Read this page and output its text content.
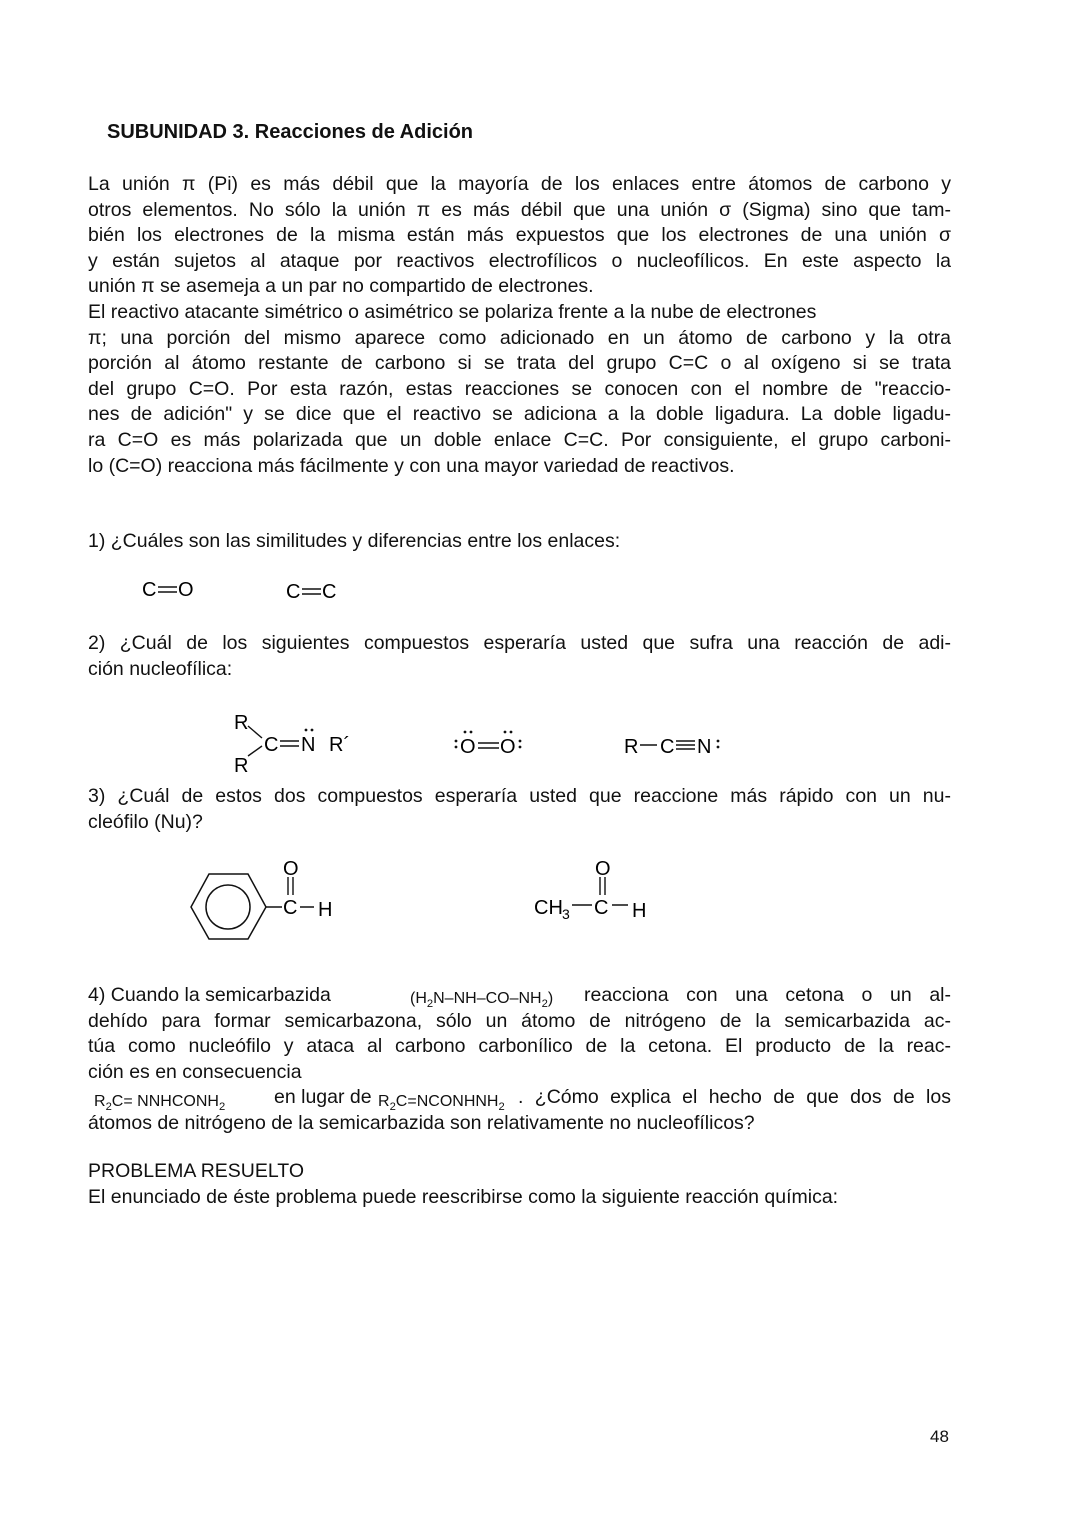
SUBUNIDAD 3. Reacciones de Adición
La unión π (Pi) es más débil que la mayoría de los enlaces entre átomos de carbono y
otros elementos. No sólo la unión π es más débil que una unión σ (Sigma) sino que tam-
bién los electrones de la misma están más expuestos que los electrones de una unión σ
y están sujetos al ataque por reactivos electrofílicos o nucleofílicos. En este aspecto la
unión π se asemeja a un par no compartido de electrones.
El reactivo atacante simétrico o asimétrico se polariza frente a la nube de electrones
π; una porción del mismo aparece como adicionado en un átomo de carbono y la otra
porción al átomo restante de carbono si se trata del grupo C=C o al oxígeno si se trata
del grupo C=O. Por esta razón, estas reacciones se conocen con el nombre de "reaccio-
nes de adición" y se dice que el reactivo se adiciona a la doble ligadura. La doble ligadu-
ra C=O es más polarizada que un doble enlace C=C. Por consiguiente, el grupo carboni-
lo (C=O) reacciona más fácilmente y con una mayor variedad de reactivos.
1) ¿Cuáles son las similitudes y diferencias entre los enlaces:
C O	C C
2) ¿Cuál de los siguientes compuestos esperaría usted que sufra una reacción de adi-
ción nucleofílica:
R
R
C N R´	O O	R C N
3) ¿Cuál de estos dos compuestos esperaría usted que reaccione más rápido con un nu-
cleófilo (Nu)?
C
O
H	CH 3 C
O
H
4) Cuando la semicarbazida	$(H_2N-NH-CO-NH_2)$ reacciona con una cetona o un al-
dehído para formar semicarbazona, sólo un átomo de nitrógeno de la semicarbazida ac-
túa como nucleófilo y ataca al carbono carbonílico de la cetona. El producto de la reac-
ción es en consecuencia
$R_2C=$ $NNHCONH_2$	en lugar de $R_2C=NCONHNH_2$ . ¿Cómo explica el hecho de que dos de los
átomos de nitrógeno de la semicarbazida son relativamente no nucleofílicos?
PROBLEMA RESUELTO
El enunciado de éste problema puede reescribirse como la siguiente reacción química:
48
